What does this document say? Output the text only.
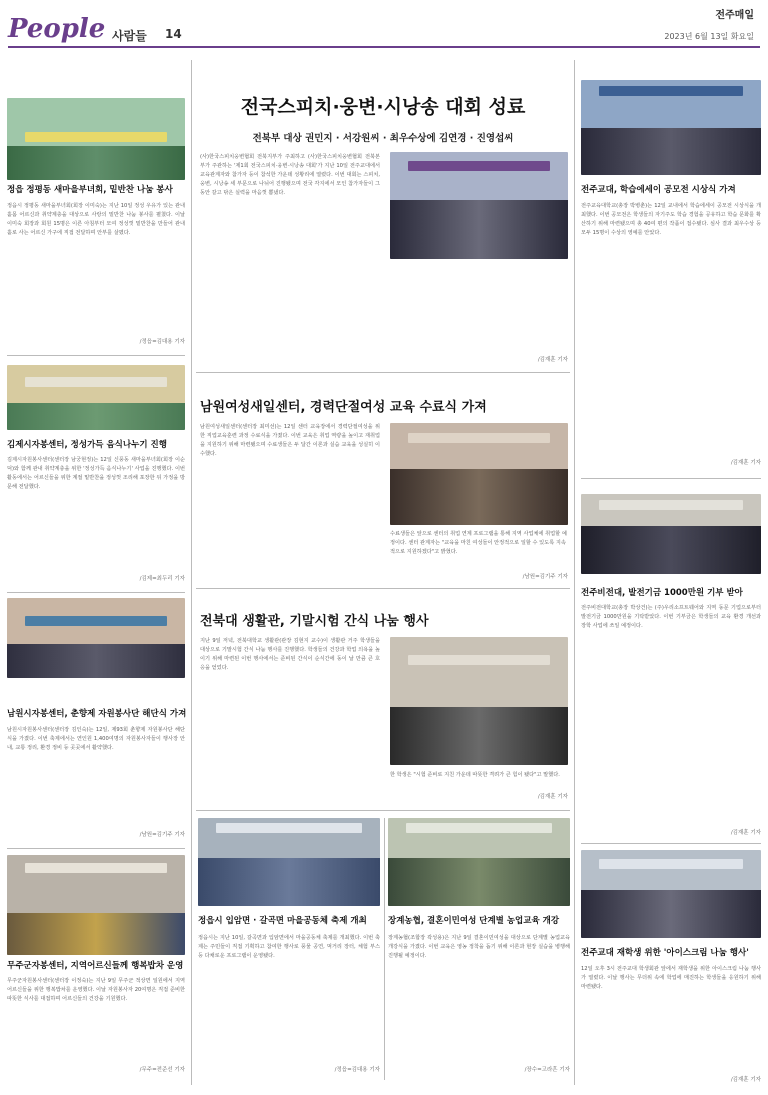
People 사람들 14
전주매일
2023년 6월 13일 화요일
정읍 정평동 새마을부녀회, 밑반찬 나눔 봉사
정읍시 정평동 새마을부녀회(회장 이미숙)는 지난 10일 정성 우유가 있는 관내 홀몸 어르신과 취약계층을 대상으로 사랑의 밑반찬 나눔 봉사를 펼쳤다. 이날 이미숙 회장과 회원 15명은 이른 아침부터 모여 정성껏 밑반찬을 만들어 관내 홀로 사는 어르신 가구에 직접 전달하며 안부를 살폈다.
/정읍=김대용 기자
김제시자봉센터, 정성가득 음식나누기 진행
김제시자원봉사센터(센터장 남궁현정)는 12일 신풍동 새마을부녀회(회장 이순덕)와 함께 관내 취약계층을 위한 '정성가득 음식나누기' 사업을 진행했다. 이번 활동에서는 어르신들을 위한 계절 밑반찬을 정성껏 조리해 포장한 뒤 가정을 방문해 전달했다.
/김제=최두리 기자
남원시자봉센터, 춘향제 자원봉사단 해단식 가져
남원시자원봉사센터(센터장 김인숙)는 12일, 제93회 춘향제 자원봉사단 해단식을 가졌다. 이번 축제에서는 연인원 1,400여명의 자원봉사자들이 행사장 안내, 교통 정리, 환경 정비 등 곳곳에서 활약했다.
/남원=김기주 기자
무주군자봉센터, 지역어르신들께 행복밥차 운영
무주군자원봉사센터(센터장 이정숙)는 지난 9일 무주군 적상면 일원에서 지역 어르신들을 위한 행복밥차를 운영했다. 이날 자원봉사자 20여명은 직접 준비한 따뜻한 식사를 대접하며 어르신들의 건강을 기원했다.
/무주=전준선 기자
전국스피치·웅변·시낭송 대회 성료
전북부 대상 권민지 · 서강원씨 · 최우수상에 김연경 · 진영섭씨
(사)한국스피치웅변협회 전북지부가 주최하고 (사)한국스피치웅변협회 전북본부가 주관하는 '제1회 전국스피치·웅변·시낭송 대회'가 지난 10일 전주교대에서 교육관계자와 참가자 등이 참석한 가운데 성황리에 열렸다. 이번 대회는 스피치, 웅변, 시낭송 세 부문으로 나뉘어 진행됐으며 전국 각지에서 모인 참가자들이 그동안 갈고 닦은 실력을 마음껏 뽐냈다.
/김재훈 기자
남원여성새일센터, 경력단절여성 교육 수료식 가져
남원여성새일센터(센터장 최미선)는 12일 센터 교육장에서 경력단절여성을 위한 직업교육훈련 과정 수료식을 가졌다. 이번 교육은 취업 역량을 높이고 재취업을 지원하기 위해 마련됐으며 수료생들은 두 달간 이론과 실습 교육을 성실히 이수했다.
수료생들은 앞으로 센터의 취업 연계 프로그램을 통해 지역 사업체에 취업할 예정이다. 센터 관계자는 "교육을 마친 여성들이 안정적으로 일할 수 있도록 지속적으로 지원하겠다"고 밝혔다.
/남원=김기주 기자
전북대 생활관, 기말시험 간식 나눔 행사
지난 9일 저녁, 전북대학교 생활관(관장 김현지 교수)이 생활관 거주 학생들을 대상으로 기말시험 간식 나눔 행사를 진행했다. 학생들의 건강과 학업 의욕을 높이기 위해 마련된 이번 행사에서는 준비된 간식이 순식간에 동이 날 만큼 큰 호응을 얻었다.
한 학생은 "시험 준비로 지친 가운데 따뜻한 격려가 큰 힘이 됐다"고 말했다.
/김재훈 기자
정읍시 입암면 · 갈곡면 마을공동체 축제 개최
정읍시는 지난 10일, 갈곡면과 입암면에서 마을공동체 축제를 개최했다. 이번 축제는 주민들이 직접 기획하고 참여한 행사로 풍물 공연, 먹거리 장터, 체험 부스 등 다채로운 프로그램이 운영됐다.
/정읍=김대용 기자
장계농협, 결혼이민여성 단계별 농업교육 개강
장계농협(조합장 곽성용)은 지난 9일 결혼이민여성을 대상으로 단계별 농업교육 개강식을 가졌다. 이번 교육은 영농 정착을 돕기 위해 이론과 현장 실습을 병행해 진행될 예정이다.
/장수=고라흔 기자
전주교대, 학습에세이 공모전 시상식 가져
전주교육대학교(총장 박병춘)는 12일 교내에서 학습에세이 공모전 시상식을 개최했다. 이번 공모전은 학생들의 자기주도 학습 경험을 공유하고 학습 문화를 확산하기 위해 마련됐으며 총 40여 편의 작품이 접수됐다. 심사 결과 최우수상 등 모두 15명이 수상의 영예를 안았다.
/김재훈 기자
전주비전대, 발전기금 1000만원 기부 받아
전주비전대학교(총장 박상건)는 (주)우리소프트웨어와 지역 동문 기업으로부터 발전기금 1000만원을 기탁받았다. 이번 기부금은 학생들의 교육 환경 개선과 장학 사업에 쓰일 예정이다.
/김재훈 기자
전주교대 재학생 위한 '아이스크림 나눔 행사'
12일 오후 3시 전주교대 학생회관 앞에서 재학생을 위한 아이스크림 나눔 행사가 열렸다. 이날 행사는 무더위 속에 학업에 매진하는 학생들을 응원하기 위해 마련됐다.
/김재훈 기자
